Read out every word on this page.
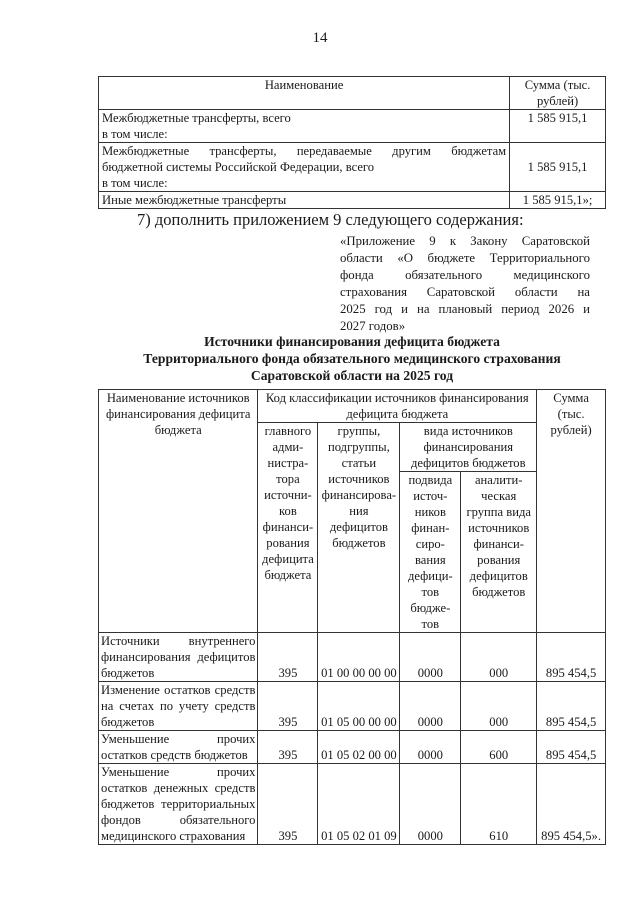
14
Наименование	Сумма (тыс. рублей)

Межбюджетные трансферты, всего
в том числе:	1 585 915,1

Межбюджетные трансферты, передаваемые другим бюджетам
бюджетной системы Российской Федерации, всего
в том числе:	1 585 915,1
Иные межбюджетные трансферты	1 585 915,1»;
7) дополнить приложением 9 следующего содержания:
«Приложение 9 к Закону Саратовской
области «О бюджете Территориального
фонда обязательного медицинского
страхования Саратовской области на
2025 год и на плановый период 2026 и
2027 годов»
Источники финансирования дефицита бюджета
Территориального фонда обязательного медицинского страхования
Саратовской области на 2025 год
Наименование источников финансирования дефицита бюджета	Код классификации источников финансирования дефицита бюджета				Сумма (тыс. рублей)
	главного адми-нистра-тора источни-ков финанси-рования дефицита бюджета	группы, подгруппы, статьи источников финансирова-ния дефицитов бюджетов	вида источников финансирования дефицитов бюджетов		
			подвида источ-ников финан-сиро-вания дефици-тов бюдже-тов	аналити-ческая группа вида источников финанси-рования дефицитов бюджетов	
Источники внутреннего финансирования дефицитов бюджетов	395	01 00 00 00 00	0000	000	895 454,5
Изменение остатков средств на счетах по учету средств бюджетов	395	01 05 00 00 00	0000	000	895 454,5
Уменьшение прочих остатков средств бюджетов	395	01 05 02 00 00	0000	600	895 454,5
Уменьшение прочих остатков денежных средств бюджетов территориальных фондов обязательного медицинского страхования	395	01 05 02 01 09	0000	610	895 454,5».
